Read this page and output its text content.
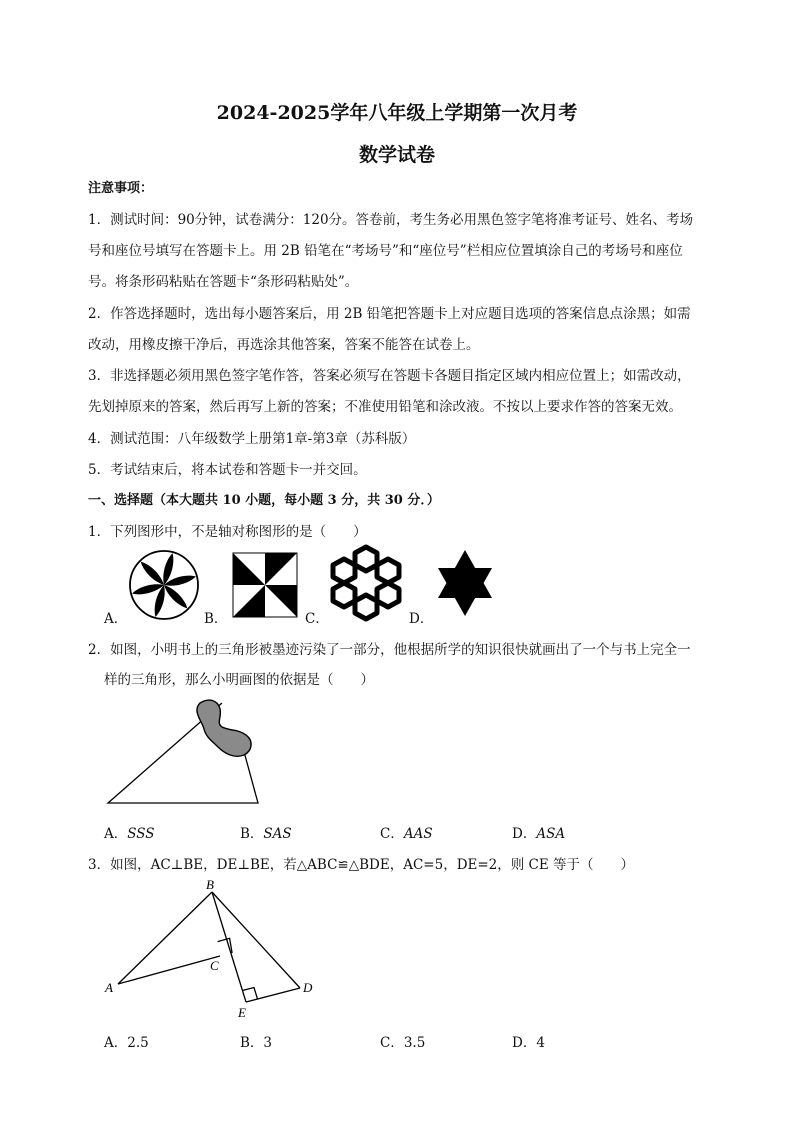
2024-2025学年八年级上学期第一次月考
数学试卷
注意事项：
1．测试时间：90分钟，试卷满分：120分。答卷前，考生务必用黑色签字笔将准考证号、姓名、考场
号和座位号填写在答题卡上。用 2B 铅笔在“考场号”和“座位号”栏相应位置填涂自己的考场号和座位
号。将条形码粘贴在答题卡“条形码粘贴处”。
2．作答选择题时，选出每小题答案后，用 2B 铅笔把答题卡上对应题目选项的答案信息点涂黑；如需
改动，用橡皮擦干净后，再选涂其他答案，答案不能答在试卷上。
3．非选择题必须用黑色签字笔作答，答案必须写在答题卡各题目指定区域内相应位置上；如需改动，
先划掉原来的答案，然后再写上新的答案；不准使用铅笔和涂改液。不按以上要求作答的答案无效。
4．测试范围：八年级数学上册第1章-第3章（苏科版）
5．考试结束后，将本试卷和答题卡一并交回。
一、选择题（本大题共 10 小题，每小题 3 分，共 30 分．）
1．下列图形中，不是轴对称图形的是（　　）
A．	B．	C．	D．
2．如图，小明书上的三角形被墨迹污染了一部分，他根据所学的知识很快就画出了一个与书上完全一
样的三角形，那么小明画图的依据是（　　）
A．SSS	B．SAS	C．AAS	D．ASA
3．如图，AC⊥BE，DE⊥BE，若△ABC≌△BDE，AC=5，DE=2，则 CE 等于（　　）
B
A
C
D
E
A．2.5	B．3	C．3.5	D．4
